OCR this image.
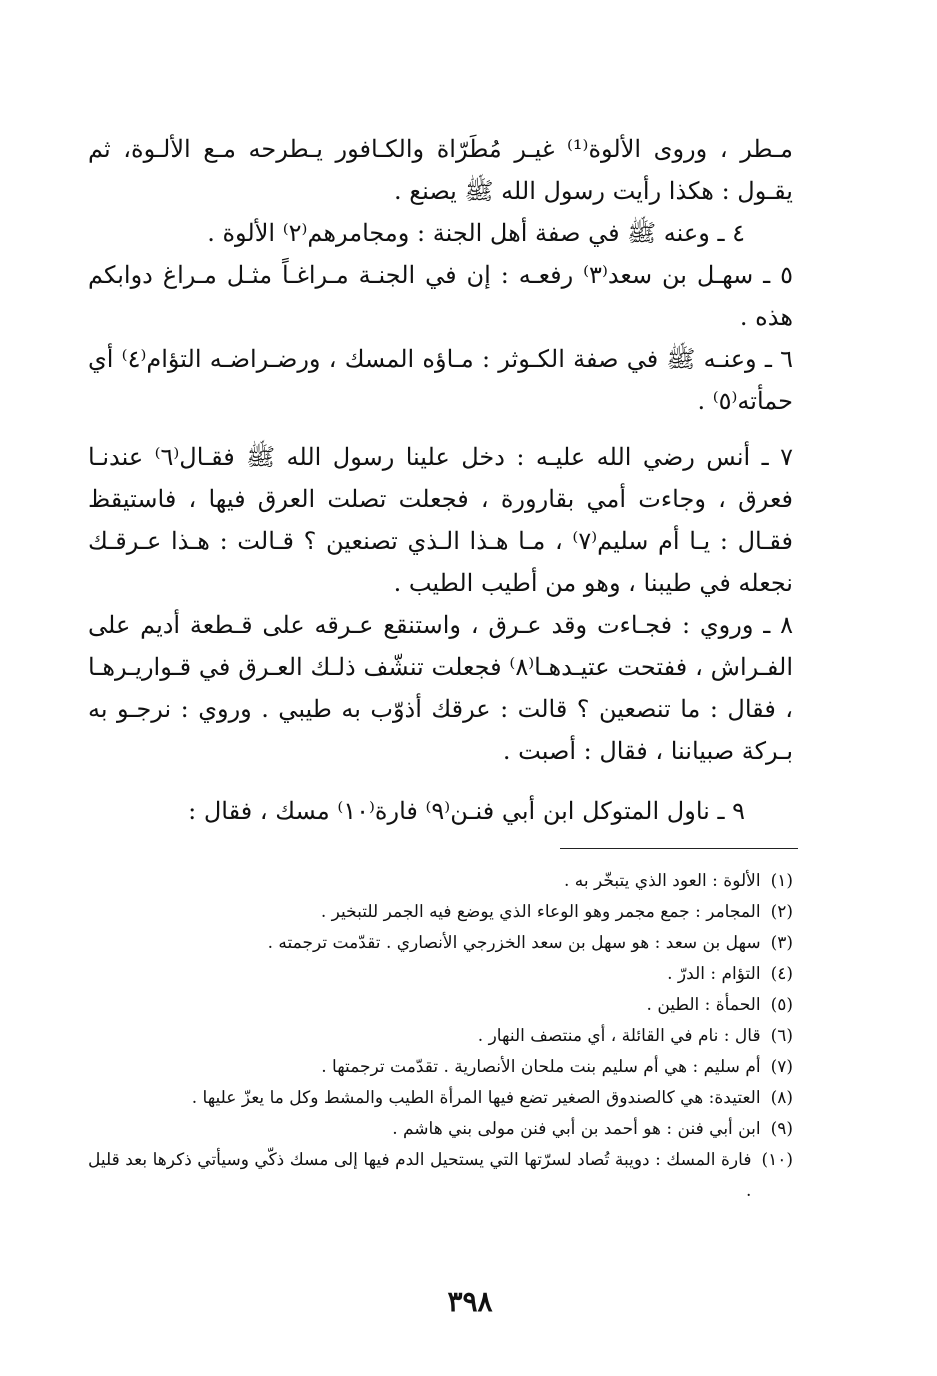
مـطر ، وروى الألوة⁽¹⁾ غيـر مُطَرّاة والكـافور يـطرحه مـع الألـوة، ثم يقـول : هكذا رأيت رسول الله ﷺ يصنع .

٤ ـ وعنه ﷺ في صفة أهل الجنة : ومجامرهم⁽٢⁾ الألوة .

٥ ـ سهـل بن سعد⁽٣⁾ رفعـه : إن في الجنـة مـراغـاً مثـل مـراغ دوابكم هذه .

٦ ـ وعنـه ﷺ في صفة الكـوثر : مـاؤه المسك ، ورضـراضـه التؤام⁽٤⁾ أي حمأته⁽٥⁾ .

٧ ـ أنس رضي الله عليـه : دخل علينا رسول الله ﷺ فقـال⁽٦⁾ عندنـا فعرق ، وجاءت أمي بقارورة ، فجعلت تصلت العرق فيها ، فاستيقظ فقـال : يـا أم سليم⁽٧⁾ ، مـا هـذا الـذي تصنعين ؟ قـالت : هـذا عـرقـك نجعله في طيبنا ، وهو من أطيب الطيب .

٨ ـ وروي : فجـاءت وقد عـرق ، واستنقع عـرقه على قـطعة أديم على الفـراش ، ففتحت عتيـدهـا⁽٨⁾ فجعلت تنشّف ذلـك العـرق في قـواريـرهـا ، فقال : ما تنصعين ؟ قالت : عرقك أذوّب به طيبي . وروي : نرجـو به بـركة صبياننا ، فقال : أصبت .

٩ ـ ناول المتوكل ابن أبي فنـن⁽٩⁾ فارة⁽١٠⁾ مسك ، فقال :

(١)
الألوة : العود الذي يتبخّر به .
(٢)
المجامر : جمع مجمر وهو الوعاء الذي يوضع فيه الجمر للتبخير .
(٣)
سهل بن سعد : هو سهل بن سعد الخزرجي الأنصاري . تقدّمت ترجمته .
(٤)
التؤام : الدرّ .
(٥)
الحمأة : الطين .
(٦)
قال : نام في القائلة ، أي منتصف النهار .
(٧)
أم سليم : هي أم سليم بنت ملحان الأنصارية . تقدّمت ترجمتها .
(٨)
العتيدة: هي كالصندوق الصغير تضع فيها المرأة الطيب والمشط وكل ما يعزّ عليها .
(٩)
ابن أبي فنن : هو أحمد بن أبي فنن مولى بني هاشم .
(١٠)
فارة المسك : دويبة تُصاد لسرّتها التي يستحيل الدم فيها إلى مسك ذكّي وسيأتي ذكرها بعد قليل .
٣٩٨
